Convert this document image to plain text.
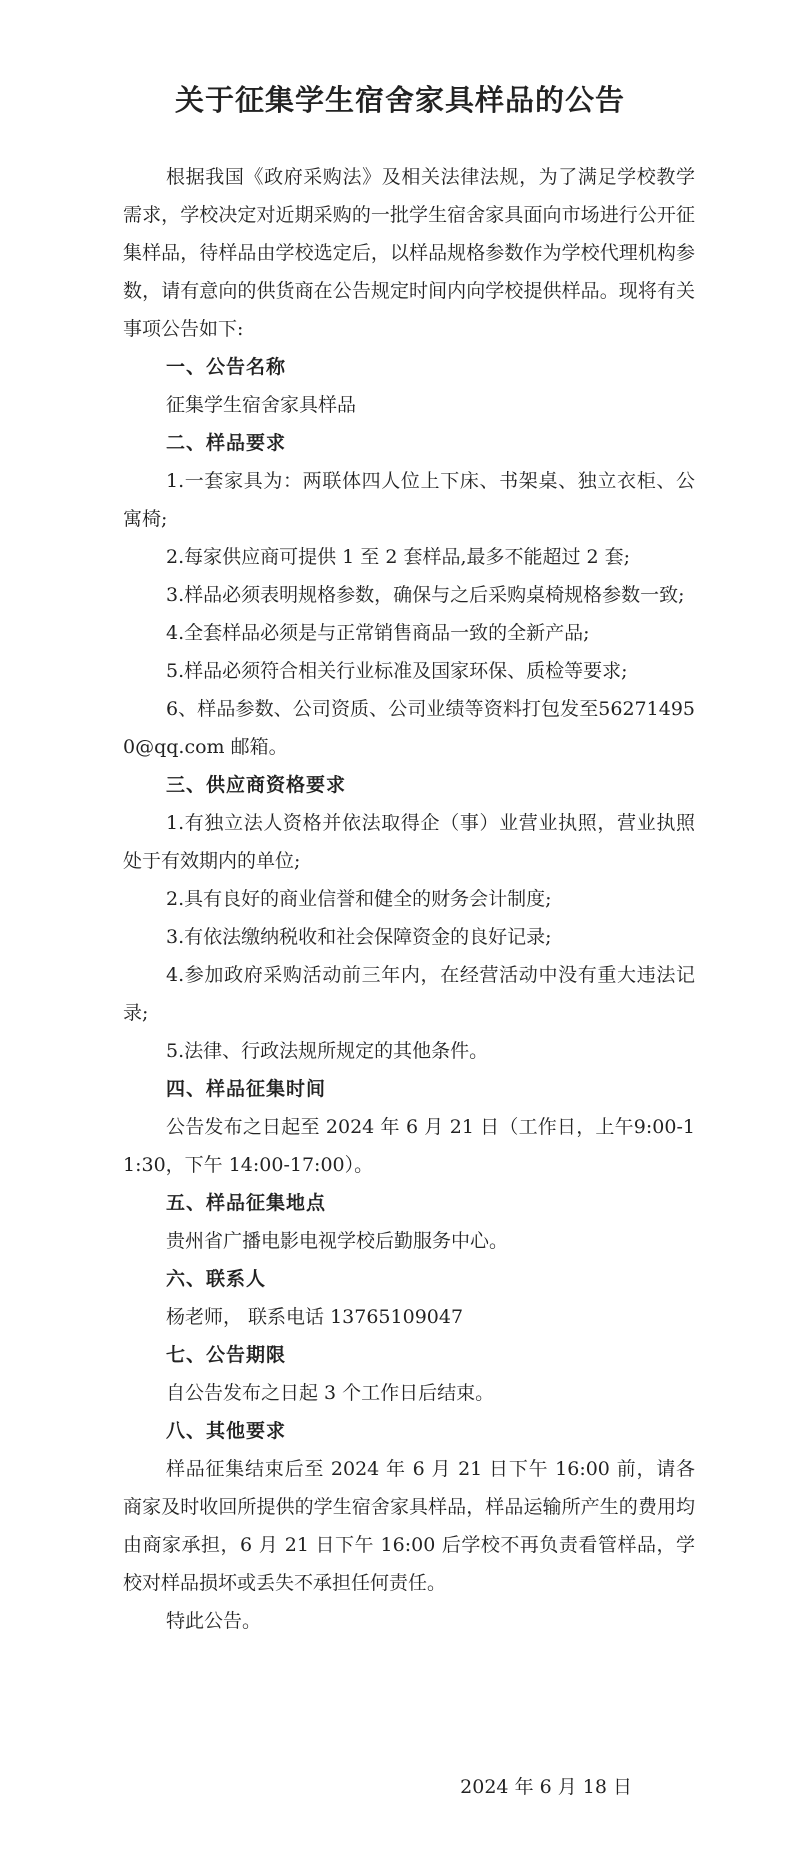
关于征集学生宿舍家具样品的公告

根据我国《政府采购法》及相关法律法规，为了满足学校教学需求，学校决定对近期采购的一批学生宿舍家具面向市场进行公开征集样品，待样品由学校选定后，以样品规格参数作为学校代理机构参数，请有意向的供货商在公告规定时间内向学校提供样品。现将有关事项公告如下:

一、公告名称

征集学生宿舍家具样品

二、样品要求

1.一套家具为：两联体四人位上下床、书架桌、独立衣柜、公寓椅;

2.每家供应商可提供 1 至 2 套样品,最多不能超过 2 套;

3.样品必须表明规格参数，确保与之后采购桌椅规格参数一致;

4.全套样品必须是与正常销售商品一致的全新产品;

5.样品必须符合相关行业标准及国家环保、质检等要求;

6、样品参数、公司资质、公司业绩等资料打包发至562714950@qq.com 邮箱。

三、供应商资格要求

1.有独立法人资格并依法取得企（事）业营业执照，营业执照处于有效期内的单位;

2.具有良好的商业信誉和健全的财务会计制度;

3.有依法缴纳税收和社会保障资金的良好记录;

4.参加政府采购活动前三年内，在经营活动中没有重大违法记录;

5.法律、行政法规所规定的其他条件。

四、样品征集时间

公告发布之日起至 2024 年 6 月 21 日（工作日，上午9:00-11:30，下午 14:00-17:00）。

五、样品征集地点

贵州省广播电影电视学校后勤服务中心。

六、联系人

杨老师， 联系电话 13765109047

七、公告期限

自公告发布之日起 3 个工作日后结束。

八、其他要求

样品征集结束后至 2024 年 6 月 21 日下午 16:00 前，请各商家及时收回所提供的学生宿舍家具样品，样品运输所产生的费用均由商家承担，6 月 21 日下午 16:00 后学校不再负责看管样品，学校对样品损坏或丢失不承担任何责任。

特此公告。

2024 年 6 月 18 日
